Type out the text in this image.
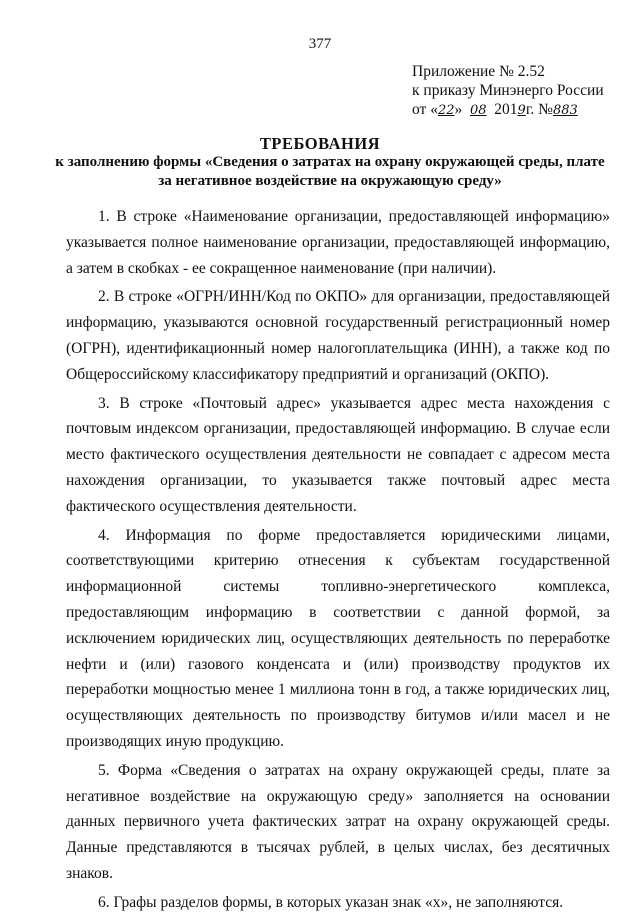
377
Приложение № 2.52
к приказу Минэнерго России
от «22» 08 2019г. №883
ТРЕБОВАНИЯ
к заполнению формы «Сведения о затратах на охрану окружающей среды, плате за негативное воздействие на окружающую среду»

1. В строке «Наименование организации, предоставляющей информацию» указывается полное наименование организации, предоставляющей информацию, а затем в скобках - ее сокращенное наименование (при наличии).

2. В строке «ОГРН/ИНН/Код по ОКПО» для организации, предоставляющей информацию, указываются основной государственный регистрационный номер (ОГРН), идентификационный номер налогоплательщика (ИНН), а также код по Общероссийскому классификатору предприятий и организаций (ОКПО).

3. В строке «Почтовый адрес» указывается адрес места нахождения с почтовым индексом организации, предоставляющей информацию. В случае если место фактического осуществления деятельности не совпадает с адресом места нахождения организации, то указывается также почтовый адрес места фактического осуществления деятельности.

4. Информация по форме предоставляется юридическими лицами, соответствующими критерию отнесения к субъектам государственной информационной системы топливно-энергетического комплекса, предоставляющим информацию в соответствии с данной формой, за исключением юридических лиц, осуществляющих деятельность по переработке нефти и (или) газового конденсата и (или) производству продуктов их переработки мощностью менее 1 миллиона тонн в год, а также юридических лиц, осуществляющих деятельность по производству битумов и/или масел и не производящих иную продукцию.

5. Форма «Сведения о затратах на охрану окружающей среды, плате за негативное воздействие на окружающую среду» заполняется на основании данных первичного учета фактических затрат на охрану окружающей среды. Данные представляются в тысячах рублей, в целых числах, без десятичных знаков.

6. Графы разделов формы, в которых указан знак «х», не заполняются.
